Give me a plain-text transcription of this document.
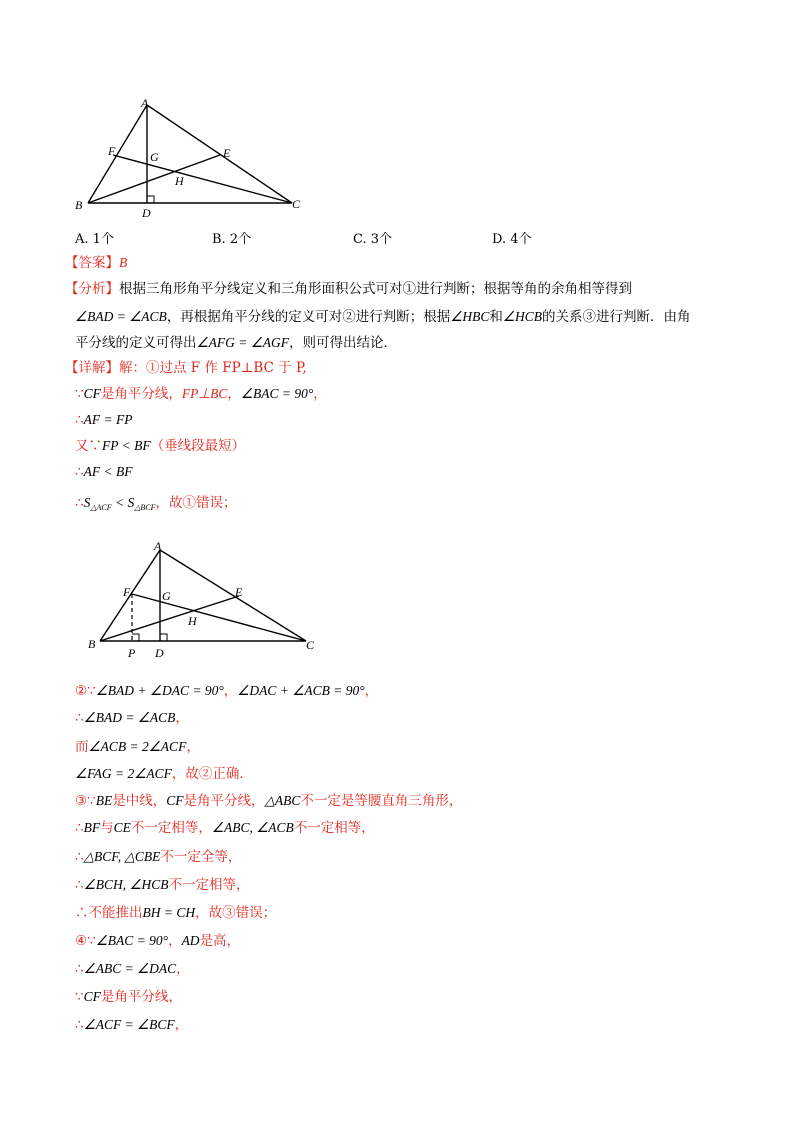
A
B	C
D
E
F	G
H
A. 1个	B. 2个	C. 3个	D. 4个
【答案】B
【分析】根据三角形角平分线定义和三角形面积公式可对①进行判断；根据等角的余角相等得到
∠BAD = ∠ACB，再根据角平分线的定义可对②进行判断；根据∠HBC和∠HCB的关系③进行判断．由角
平分线的定义可得出∠AFG = ∠AGF，则可得出结论．
【详解】解：①过点 F 作 FP⊥BC 于 P,
∵CF是角平分线，FP⊥BC，∠BAC = 90°，
∴AF = FP
又∵FP < BF（垂线段最短）
∴AF < BF
$\therefore S_{\triangle ACF} < S_{\triangle BCF}$，故①错误；
A
B	C
D
E
F	G
H
P
②∵∠BAD + ∠DAC = 90°，∠DAC + ∠ACB = 90°，
∴∠BAD = ∠ACB，
而∠ACB = 2∠ACF，
∠FAG = 2∠ACF，故②正确．
③∵BE是中线，CF是角平分线，△ABC不一定是等腰直角三角形，
∴BF与CE不一定相等，∠ABC, ∠ACB不一定相等，
∴△BCF, △CBE不一定全等，
∴∠BCH, ∠HCB不一定相等，
∴不能推出BH = CH，故③错误；
④∵∠BAC = 90°，AD是高，
∴∠ABC = ∠DAC，
∵CF是角平分线，
∴∠ACF = ∠BCF，
